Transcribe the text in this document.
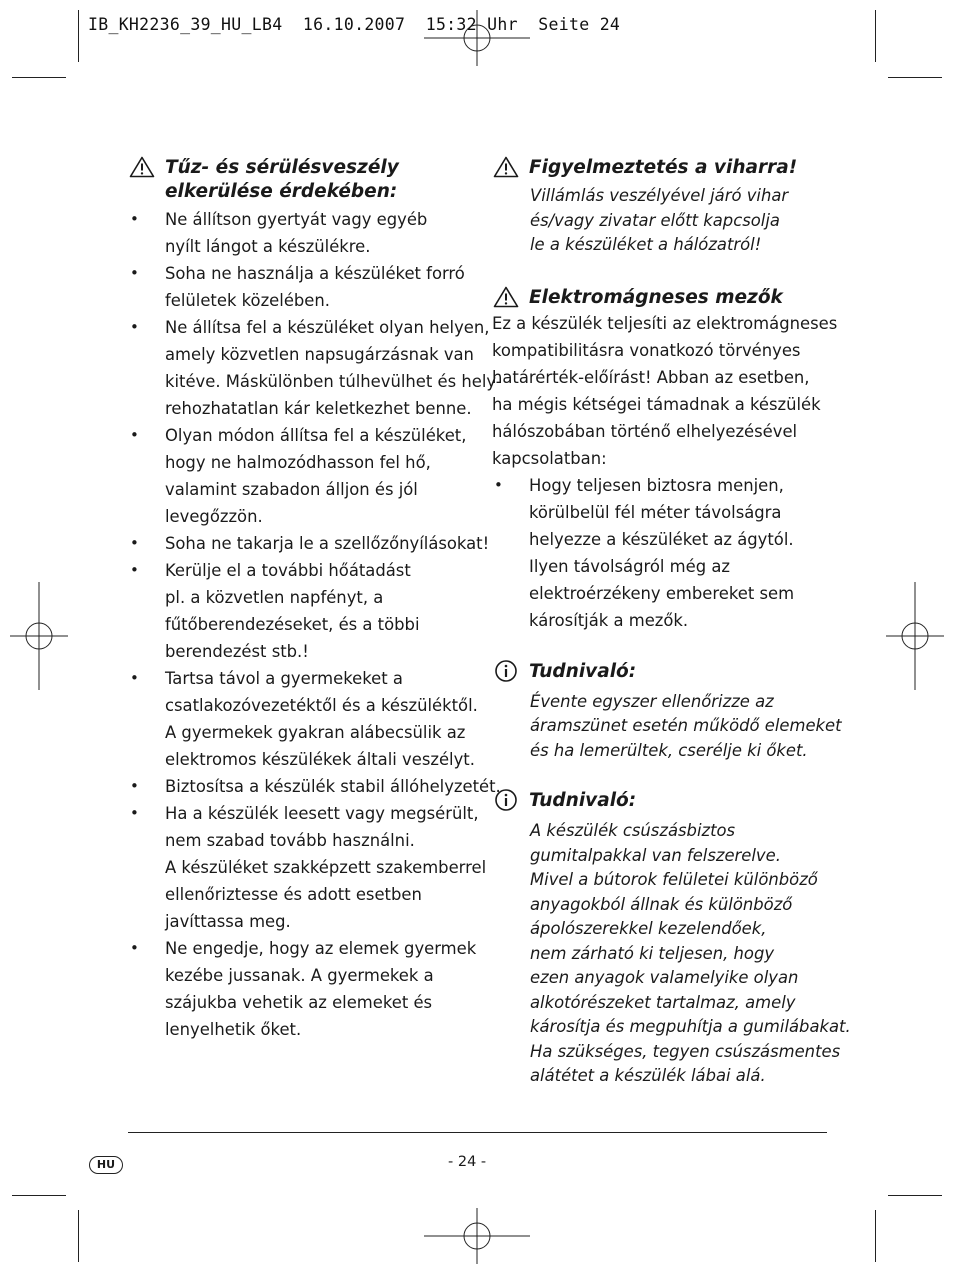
IB_KH2236_39_HU_LB4  16.10.2007  15:32 Uhr  Seite 24
Tűz- és sérülésveszély
elkerülése érdekében:
• Ne állítson gyertyát vagy egyéb
nyílt lángot a készülékre.
• Soha ne használja a készüléket forró
felületek közelében.
• Ne állítsa fel a készüléket olyan helyen,
amely közvetlen napsugárzásnak van
kitéve. Máskülönben túlhevülhet és hely-
rehozhatatlan kár keletkezhet benne.
• Olyan módon állítsa fel a készüléket,
hogy ne halmozódhasson fel hő,
valamint szabadon álljon és jól
levegőzzön.
• Soha ne takarja le a szellőzőnyílásokat!
• Kerülje el a további hőátadást
pl. a közvetlen napfényt, a
fűtőberendezéseket, és a többi
berendezést stb.!
• Tartsa távol a gyermekeket a
csatlakozóvezetéktől és a készüléktől.
A gyermekek gyakran alábecsülik az
elektromos készülékek általi veszélyt.
• Biztosítsa a készülék stabil állóhelyzetét.
• Ha a készülék leesett vagy megsérült,
nem szabad tovább használni.
A készüléket szakképzett szakemberrel
ellenőriztesse és adott esetben
javíttassa meg.
• Ne engedje, hogy az elemek gyermek
kezébe jussanak. A gyermekek a
szájukba vehetik az elemeket és
lenyelhetik őket.
Figyelmeztetés a viharra!
Villámlás veszélyével járó vihar
és/vagy zivatar előtt kapcsolja
le a készüléket a hálózatról!
Elektromágneses mezők
Ez a készülék teljesíti az elektromágneses
kompatibilitásra vonatkozó törvényes
határérték-előírást! Abban az esetben,
ha mégis kétségei támadnak a készülék
hálószobában történő elhelyezésével
kapcsolatban:
• Hogy teljesen biztosra menjen,
körülbelül fél méter távolságra
helyezze a készüléket az ágytól.
Ilyen távolságról még az
elektroérzékeny embereket sem
károsítják a mezők.
Tudnivaló:
Évente egyszer ellenőrizze az
áramszünet esetén működő elemeket
és ha lemerültek, cserélje ki őket.
Tudnivaló:
A készülék csúszásbiztos
gumitalpakkal van felszerelve.
Mivel a bútorok felületei különböző
anyagokból állnak és különböző
ápolószerekkel kezelendőek,
nem zárható ki teljesen, hogy
ezen anyagok valamelyike olyan
alkotórészeket tartalmaz, amely
károsítja és megpuhítja a gumilábakat.
Ha szükséges, tegyen csúszásmentes
alátétet a készülék lábai alá.
HU	- 24 -
